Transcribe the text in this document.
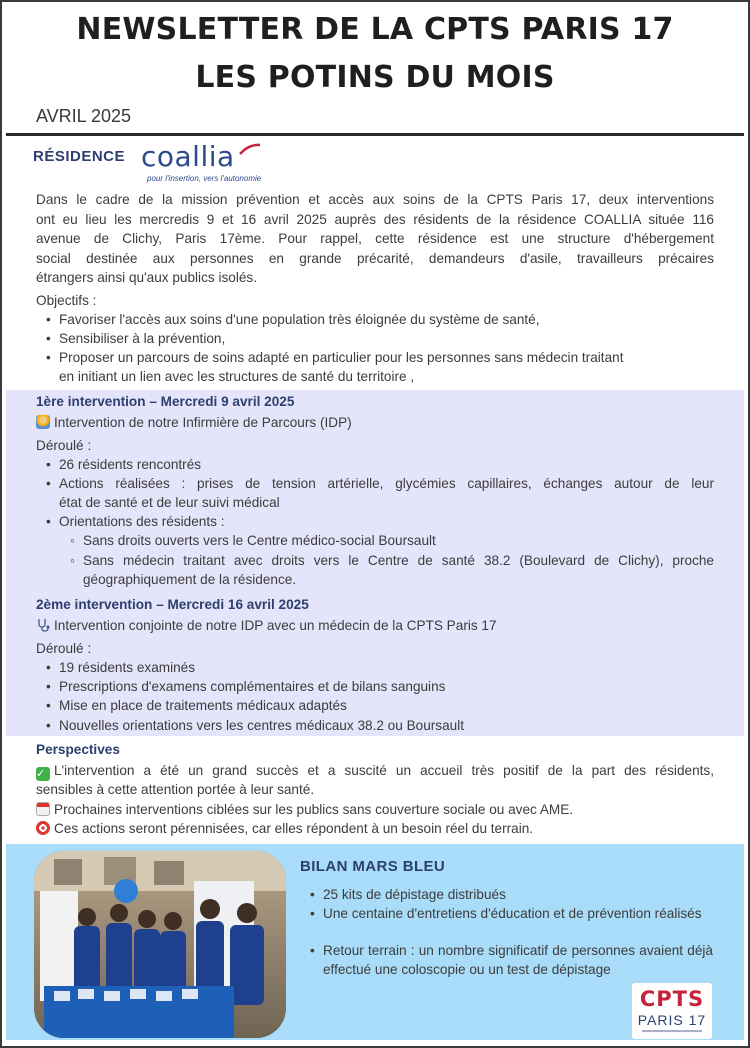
NEWSLETTER DE LA CPTS PARIS 17
LES POTINS DU MOIS
AVRIL 2025
RÉSIDENCE coallia
pour l'insertion, vers l'autonomie
Dans le cadre de la mission prévention et accès aux soins de la CPTS Paris 17, deux interventions
ont eu lieu les mercredis 9 et 16 avril 2025 auprès des résidents de la résidence COALLIA située 116
avenue de Clichy, Paris 17ème. Pour rappel, cette résidence est une structure d'hébergement
social destinée aux personnes en grande précarité, demandeurs d'asile, travailleurs précaires
étrangers ainsi qu'aux publics isolés.
Objectifs :
• Favoriser l'accès aux soins d'une population très éloignée du système de santé,
• Sensibiliser à la prévention,
• Proposer un parcours de soins adapté en particulier pour les personnes sans médecin traitant
en initiant un lien avec les structures de santé du territoire ,
1ère intervention – Mercredi 9 avril 2025
Intervention de notre Infirmière de Parcours (IDP)
Déroulé :
• 26 résidents rencontrés
• Actions réalisées : prises de tension artérielle, glycémies capillaires, échanges autour de leur
état de santé et de leur suivi médical
• Orientations des résidents :
◦ Sans droits ouverts vers le Centre médico-social Boursault
◦ Sans médecin traitant avec droits vers le Centre de santé 38.2 (Boulevard de Clichy), proche
géographiquement de la résidence.
2ème intervention – Mercredi 16 avril 2025
Intervention conjointe de notre IDP avec un médecin de la CPTS Paris 17
Déroulé :
• 19 résidents examinés
• Prescriptions d'examens complémentaires et de bilans sanguins
• Mise en place de traitements médicaux adaptés
• Nouvelles orientations vers les centres médicaux 38.2 ou Boursault
Perspectives
✓ L'intervention a été un grand succès et a suscité un accueil très positif de la part des résidents,
sensibles à cette attention portée à leur santé.
Prochaines interventions ciblées sur les publics sans couverture sociale ou avec AME.
Ces actions seront pérennisées, car elles répondent à un besoin réel du terrain.
BILAN MARS BLEU
• 25 kits de dépistage distribués
• Une centaine d'entretiens d'éducation et de prévention réalisés
• Retour terrain : un nombre significatif de personnes avaient déjà effectué une coloscopie ou un test de dépistage
CPTS
PARIS 17
